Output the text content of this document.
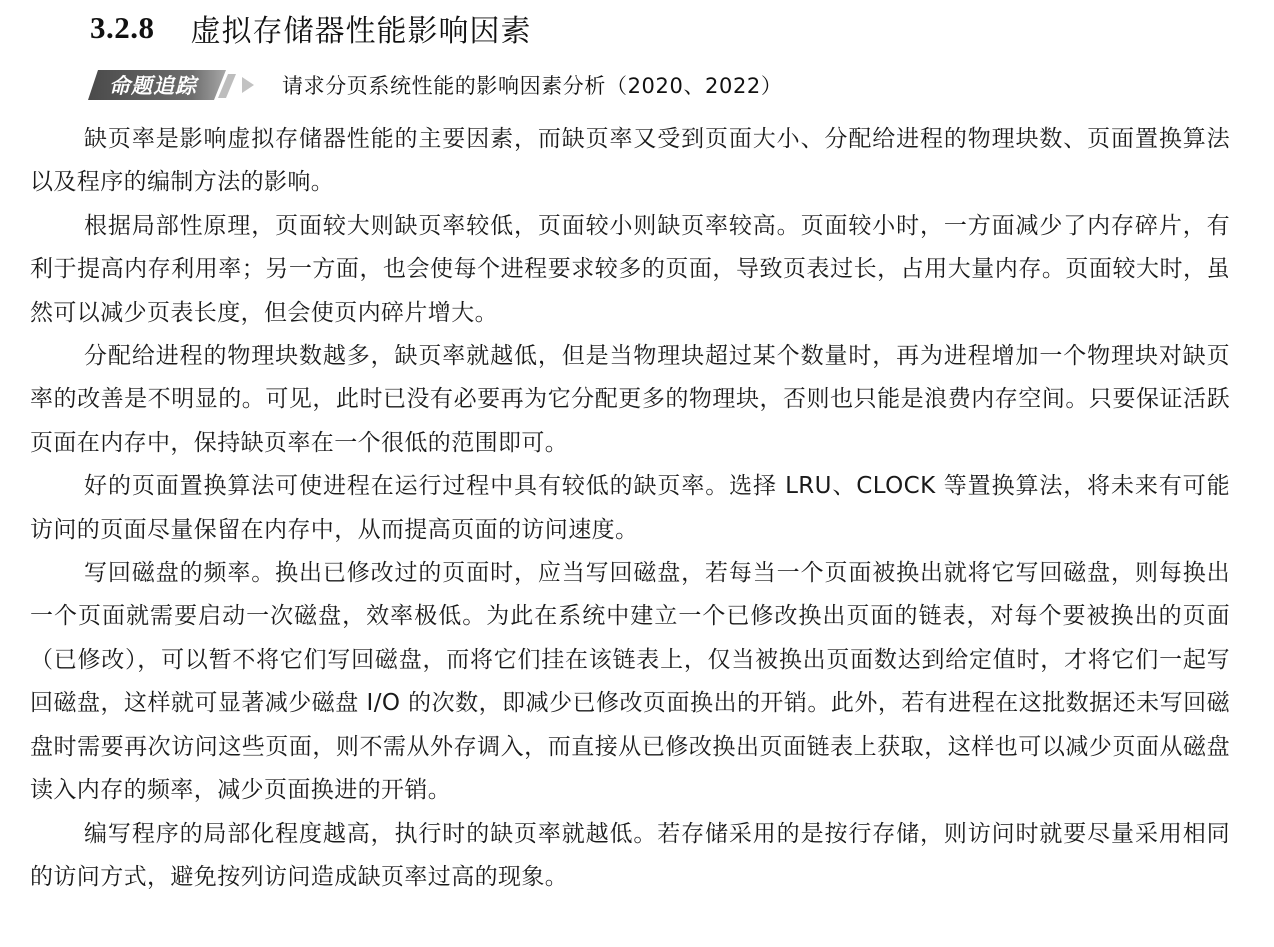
3.2.8 虚拟存储器性能影响因素
命题追踪	请求分页系统性能的影响因素分析（2020、2022）

缺页率是影响虚拟存储器性能的主要因素，而缺页率又受到页面大小、分配给进程的物理块数、页面置换算法以及程序的编制方法的影响。

根据局部性原理，页面较大则缺页率较低，页面较小则缺页率较高。页面较小时，一方面减少了内存碎片，有利于提高内存利用率；另一方面，也会使每个进程要求较多的页面，导致页表过长，占用大量内存。页面较大时，虽然可以减少页表长度，但会使页内碎片增大。

分配给进程的物理块数越多，缺页率就越低，但是当物理块超过某个数量时，再为进程增加一个物理块对缺页率的改善是不明显的。可见，此时已没有必要再为它分配更多的物理块，否则也只能是浪费内存空间。只要保证活跃页面在内存中，保持缺页率在一个很低的范围即可。

好的页面置换算法可使进程在运行过程中具有较低的缺页率。选择 LRU、CLOCK 等置换算法，将未来有可能访问的页面尽量保留在内存中，从而提高页面的访问速度。

写回磁盘的频率。换出已修改过的页面时，应当写回磁盘，若每当一个页面被换出就将它写回磁盘，则每换出一个页面就需要启动一次磁盘，效率极低。为此在系统中建立一个已修改换出页面的链表，对每个要被换出的页面（已修改），可以暂不将它们写回磁盘，而将它们挂在该链表上，仅当被换出页面数达到给定值时，才将它们一起写回磁盘，这样就可显著减少磁盘 I/O 的次数，即减少已修改页面换出的开销。此外，若有进程在这批数据还未写回磁盘时需要再次访问这些页面，则不需从外存调入，而直接从已修改换出页面链表上获取，这样也可以减少页面从磁盘读入内存的频率，减少页面换进的开销。

编写程序的局部化程度越高，执行时的缺页率就越低。若存储采用的是按行存储，则访问时就要尽量采用相同的访问方式，避免按列访问造成缺页率过高的现象。
